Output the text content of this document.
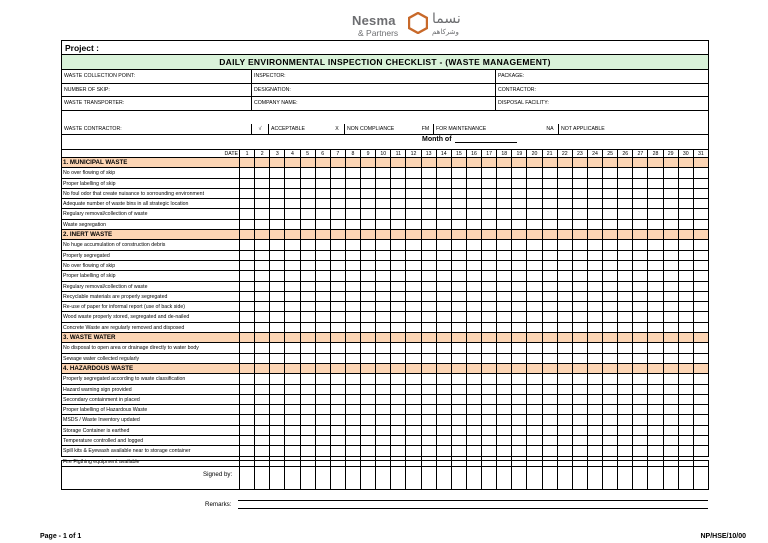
Nesma
& Partners
نسما
وشركاهم
Project :
DAILY ENVIRONMENTAL INSPECTION CHECKLIST - (WASTE MANAGEMENT)
WASTE COLLECTION POINT:	INSPECTOR:	PACKAGE:
NUMBER OF SKIP:	DESIGNATION:	CONTRACTOR:
WASTE TRANSPORTER:	COMPANY NAME:	DISPOSAL FACILITY:
WASTE CONTRACTOR:	√	ACCEPTABLE	X	NON COMPLIANCE	FM	FOR MAINTENANCE	NA	NOT APPLICABLE
Month of
DATE	1	2	3	4	5	6	7	8	9	10	11	12	13	14	15	16	17	18	19	20	21	22	23	24	25	26	27	28	29	30	31
1. MUNICIPAL WASTE
No over flowing of skip
Proper labelling of skip
No foul odor that create nuisance to sorrounding environment
Adequate number of waste bins in all strategic location
Regulary removal/collection of waste
Waste segregation
2. INERT WASTE
No huge accumulation of construction debris
Properly segregated
No over flowing of skip
Proper labelling of skip
Regulary removal/collection of waste
Recyclable materials are properly segregated
Re-use of paper for informal report (use of back side)
Wood waste properly stored, segregated and de-nailed
Concrete Waste are regularly removed and disposed
3. WASTE WATER
No disposal to open area or drainage directly to water body
Sewage water collected regularly
4. HAZARDOUS WASTE
Properly segregated according to waste classification
Hazard warning sign provided
Secondary containment in placed
Proper labelling of Hazardous Waste
MSDS / Waste Inventory updated
Storage Container is earthed
Temperature controlled and logged
Spill kits & Eyewash available near to storage container
Fire Figthing equipment available
Signed by:
Remarks:
Page - 1 of 1	NP/HSE/10/00
